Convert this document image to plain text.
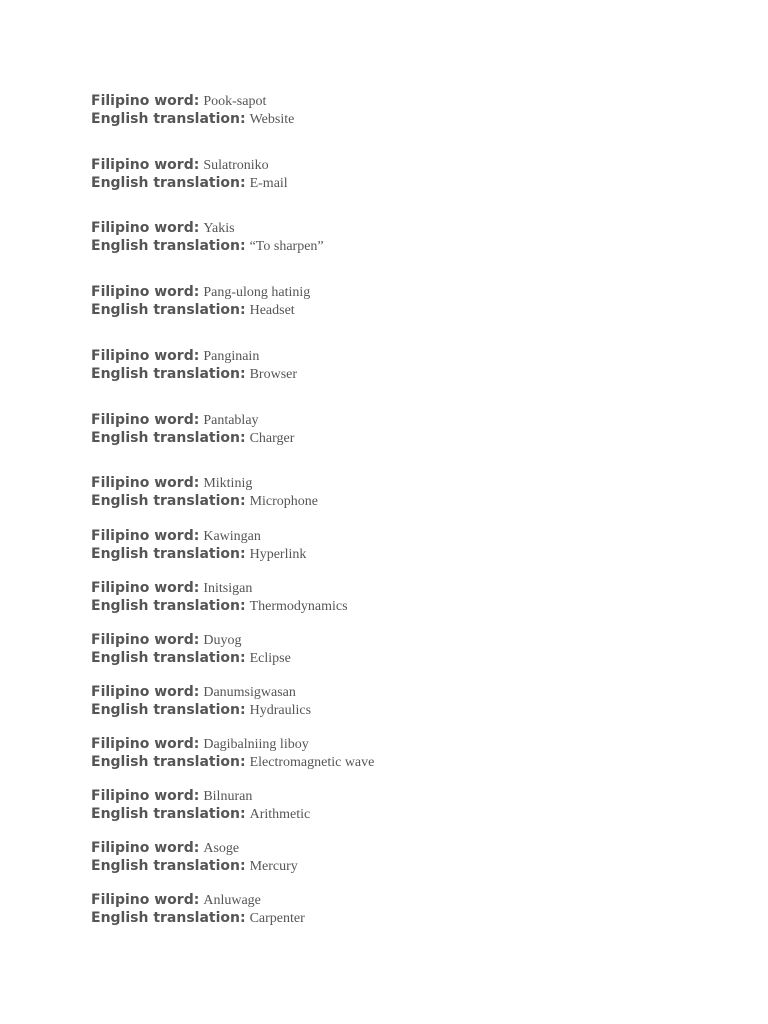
Filipino word: Pook-sapot
English translation: Website
Filipino word: Sulatroniko
English translation: E-mail
Filipino word: Yakis
English translation: “To sharpen”
Filipino word: Pang-ulong hatinig
English translation: Headset
Filipino word: Panginain
English translation: Browser
Filipino word: Pantablay
English translation: Charger
Filipino word: Miktinig
English translation: Microphone
Filipino word: Kawingan
English translation: Hyperlink
Filipino word: Initsigan
English translation: Thermodynamics
Filipino word: Duyog
English translation: Eclipse
Filipino word: Danumsigwasan
English translation: Hydraulics
Filipino word: Dagibalniing liboy
English translation: Electromagnetic wave
Filipino word: Bilnuran
English translation: Arithmetic
Filipino word: Asoge
English translation: Mercury
Filipino word: Anluwage
English translation: Carpenter
